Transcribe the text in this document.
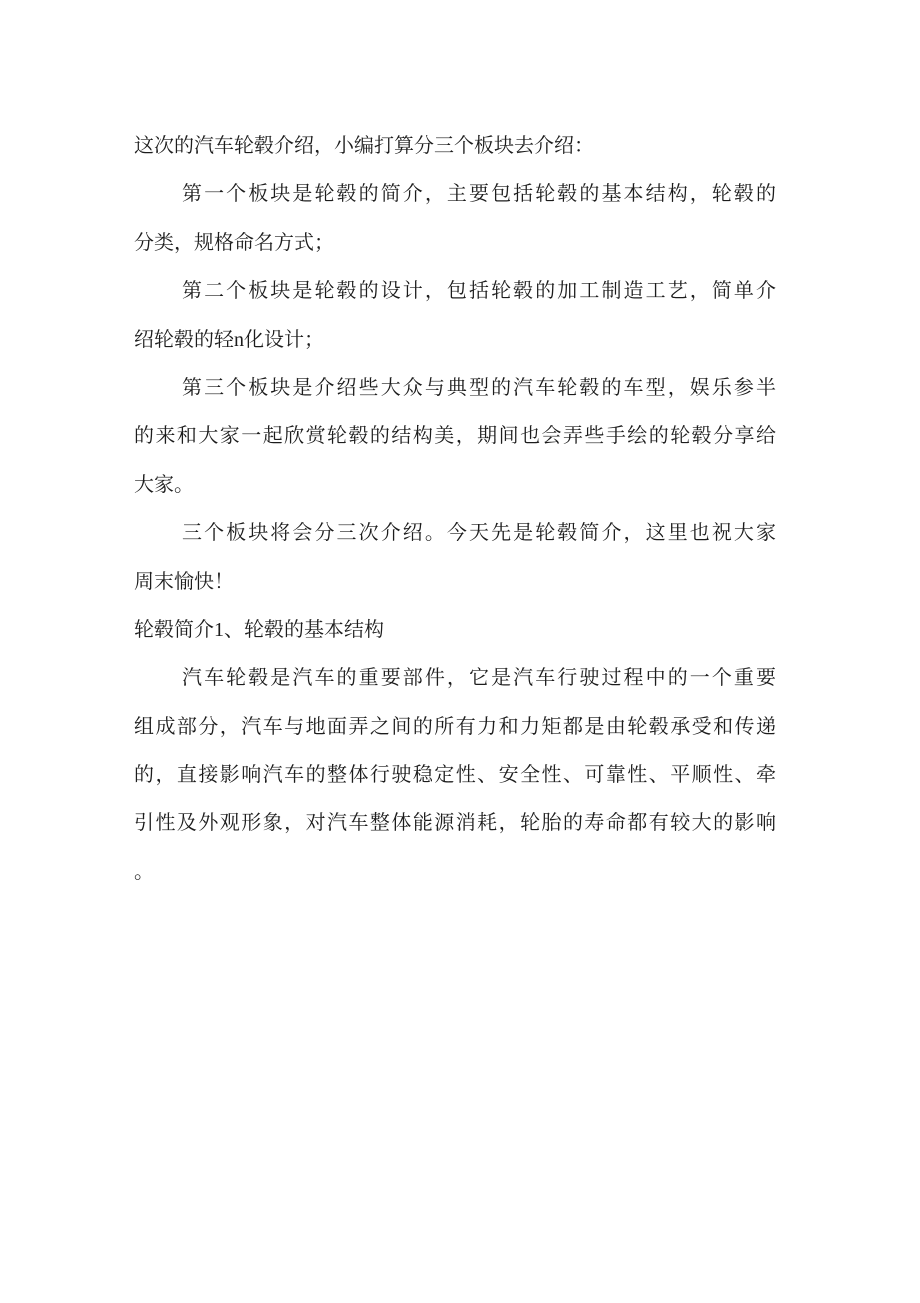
这次的汽车轮毂介绍，小编打算分三个板块去介绍：
第一个板块是轮毂的简介，主要包括轮毂的基本结构，轮毂的
分类，规格命名方式；
第二个板块是轮毂的设计，包括轮毂的加工制造工艺，简单介
绍轮毂的轻n化设计；
第三个板块是介绍些大众与典型的汽车轮毂的车型，娱乐参半
的来和大家一起欣赏轮毂的结构美，期间也会弄些手绘的轮毂分享给
大家。
三个板块将会分三次介绍。今天先是轮毂简介，这里也祝大家
周末愉快！
轮毂简介1、轮毂的基本结构
汽车轮毂是汽车的重要部件，它是汽车行驶过程中的一个重要
组成部分，汽车与地面弄之间的所有力和力矩都是由轮毂承受和传递
的，直接影响汽车的整体行驶稳定性、安全性、可靠性、平顺性、牵
引性及外观形象，对汽车整体能源消耗，轮胎的寿命都有较大的影响
。
